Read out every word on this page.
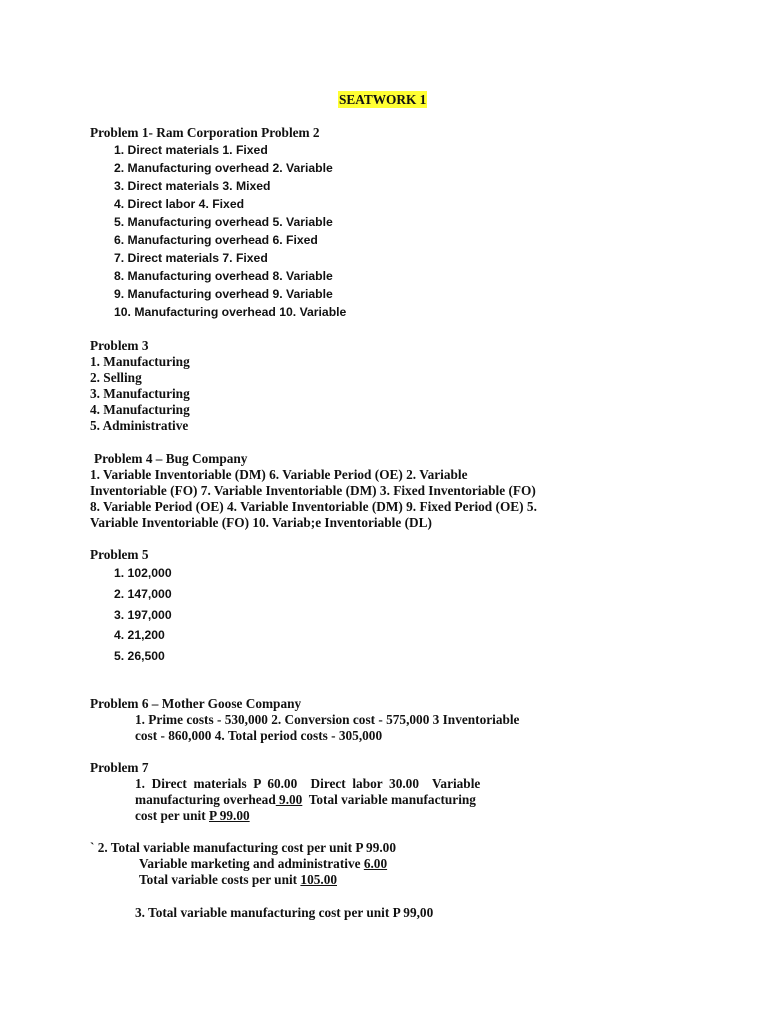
SEATWORK 1
Problem 1- Ram Corporation Problem 2
1. Direct materials 1. Fixed
2. Manufacturing overhead 2. Variable
3. Direct materials 3. Mixed
4. Direct labor 4. Fixed
5. Manufacturing overhead 5. Variable
6. Manufacturing overhead 6. Fixed
7. Direct materials 7. Fixed
8. Manufacturing overhead 8. Variable
9. Manufacturing overhead 9. Variable
10. Manufacturing overhead 10. Variable
Problem 3
1. Manufacturing
2. Selling
3. Manufacturing
4. Manufacturing
5. Administrative
Problem 4 – Bug Company
1. Variable Inventoriable (DM) 6. Variable Period (OE) 2. Variable
Inventoriable (FO) 7. Variable Inventoriable (DM) 3. Fixed Inventoriable (FO)
8. Variable Period (OE) 4. Variable Inventoriable (DM) 9. Fixed Period (OE) 5.
Variable Inventoriable (FO) 10. Variab;e Inventoriable (DL)
Problem 5
1. 102,000
2. 147,000
3. 197,000
4. 21,200
5. 26,500
Problem 6 – Mother Goose Company
1. Prime costs - 530,000 2. Conversion cost - 575,000 3 Inventoriable
cost - 860,000 4. Total period costs - 305,000
Problem 7
1.  Direct  materials  P  60.00    Direct  labor  30.00    Variable
manufacturing overhead 9.00  Total variable manufacturing
cost per unit P 99.00
` 2. Total variable manufacturing cost per unit P 99.00
Variable marketing and administrative 6.00
Total variable costs per unit 105.00
3. Total variable manufacturing cost per unit P 99,00
